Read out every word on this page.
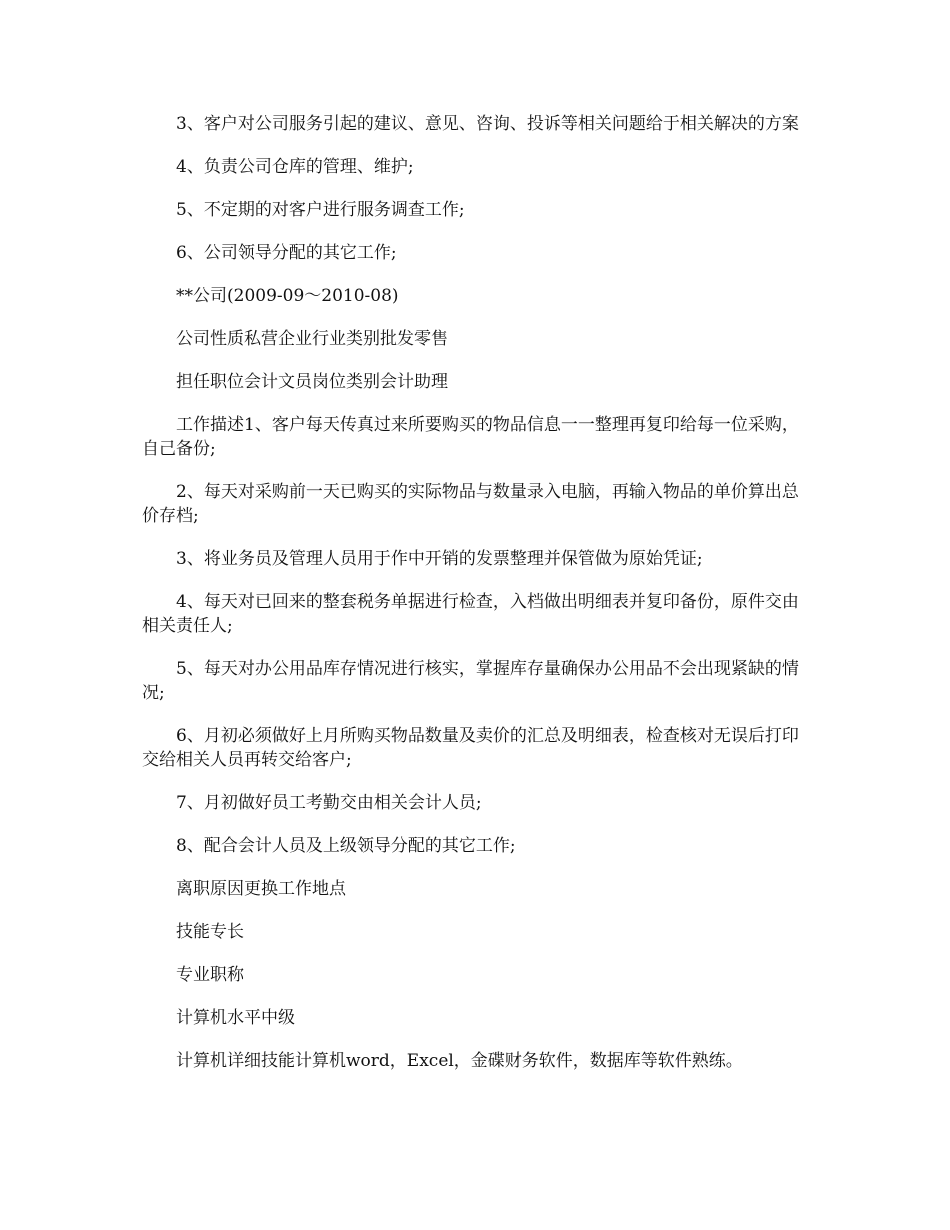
3、客户对公司服务引起的建议、意见、咨询、投诉等相关问题给于相关解决的方案

4、负责公司仓库的管理、维护;

5、不定期的对客户进行服务调查工作;

6、公司领导分配的其它工作;

**公司(2009-09～2010-08)

公司性质私营企业行业类别批发零售

担任职位会计文员岗位类别会计助理

工作描述1、客户每天传真过来所要购买的物品信息一一整理再复印给每一位采购，自己备份;

2、每天对采购前一天已购买的实际物品与数量录入电脑，再输入物品的单价算出总价存档;

3、将业务员及管理人员用于作中开销的发票整理并保管做为原始凭证;

4、每天对已回来的整套税务单据进行检查，入档做出明细表并复印备份，原件交由相关责任人;

5、每天对办公用品库存情况进行核实，掌握库存量确保办公用品不会出现紧缺的情况;

6、月初必须做好上月所购买物品数量及卖价的汇总及明细表，检查核对无误后打印交给相关人员再转交给客户;

7、月初做好员工考勤交由相关会计人员;

8、配合会计人员及上级领导分配的其它工作;

离职原因更换工作地点

技能专长

专业职称

计算机水平中级

计算机详细技能计算机word，Excel，金碟财务软件，数据库等软件熟练。
